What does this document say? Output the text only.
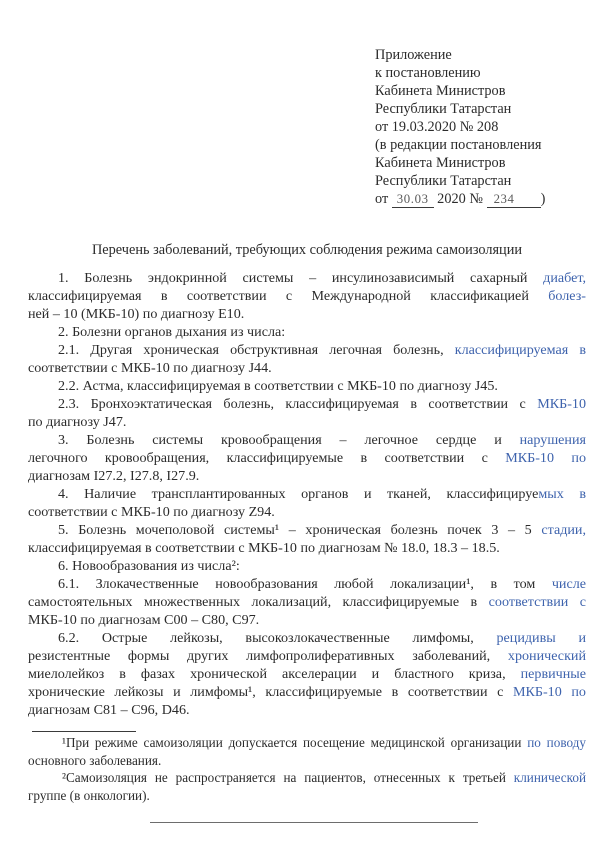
Приложение
к постановлению
Кабинета Министров
Республики Татарстан
от 19.03.2020 № 208
(в редакции постановления
Кабинета Министров
Республики Татарстан
от 30.03 2020 № 234 )
Перечень заболеваний, требующих соблюдения режима самоизоляции
1. Болезнь эндокринной системы – инсулинозависимый сахарный диабет,
классифицируемая в соответствии с Международной классификацией болез-
ней – 10 (МКБ-10) по диагнозу E10.
2. Болезни органов дыхания из числа:
2.1. Другая хроническая обструктивная легочная болезнь, классифицируемая в
соответствии с МКБ-10 по диагнозу J44.
2.2. Астма, классифицируемая в соответствии с МКБ-10 по диагнозу J45.
2.3. Бронхоэктатическая болезнь, классифицируемая в соответствии с МКБ-10
по диагнозу J47.
3. Болезнь системы кровообращения – легочное сердце и нарушения
легочного кровообращения, классифицируемые в соответствии с МКБ-10 по
диагнозам I27.2, I27.8, I27.9.
4. Наличие трансплантированных органов и тканей, классифицируемых в
соответствии с МКБ-10 по диагнозу Z94.
5. Болезнь мочеполовой системы¹ – хроническая болезнь почек 3 – 5 стадии,
классифицируемая в соответствии с МКБ-10 по диагнозам № 18.0, 18.3 – 18.5.
6. Новообразования из числа²:
6.1. Злокачественные новообразования любой локализации¹, в том числе
самостоятельных множественных локализаций, классифицируемые в соответствии с
МКБ-10 по диагнозам C00 – C80, C97.
6.2. Острые лейкозы, высокозлокачественные лимфомы, рецидивы и
резистентные формы других лимфопролиферативных заболеваний, хронический
миелолейкоз в фазах хронической акселерации и бластного криза, первичные
хронические лейкозы и лимфомы¹, классифицируемые в соответствии с МКБ-10 по
диагнозам C81 – C96, D46.
¹При режиме самоизоляции допускается посещение медицинской организации по поводу
основного заболевания.
²Самоизоляция не распространяется на пациентов, отнесенных к третьей клинической
группе (в онкологии).
